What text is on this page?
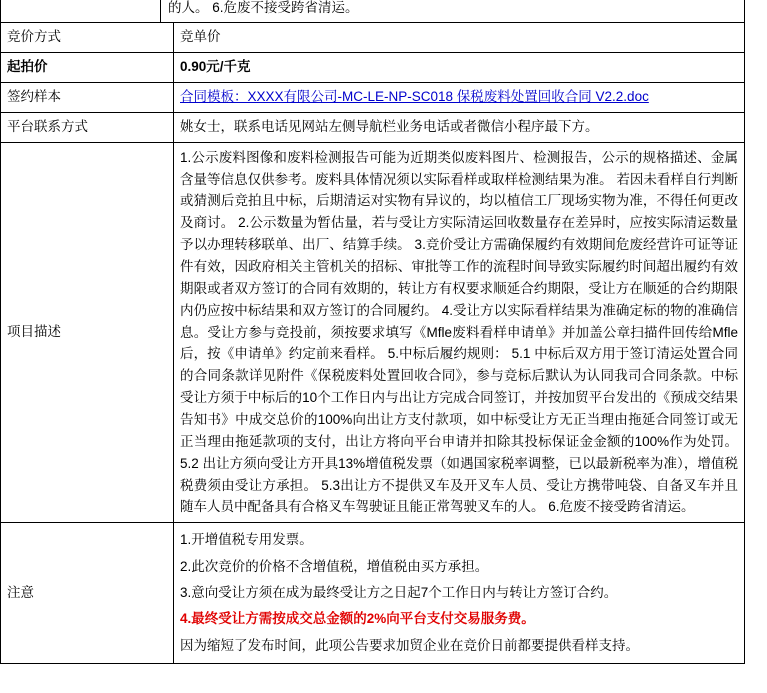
的人。 6.危废不接受跨省清运。
竞价方式	竞单价
起拍价	0.90元/千克
签约样本	合同模板：XXXX有限公司-MC-LE-NP-SC018 保税废料处置回收合同 V2.2.doc
平台联系方式	姚女士，联系电话见网站左侧导航栏业务电话或者微信小程序最下方。
项目描述	1.公示废料图像和废料检测报告可能为近期类似废料图片、检测报告，公示的规格描述、金属含量等信息仅供参考。废料具体情况须以实际看样或取样检测结果为准。 若因未看样自行判断或猜测后竞拍且中标，后期清运对实物有异议的，均以植信工厂现场实物为准，不得任何更改及商讨。 2.公示数量为暂估量，若与受让方实际清运回收数量存在差异时，应按实际清运数量予以办理转移联单、出厂、结算手续。 3.竞价受让方需确保履约有效期间危废经营许可证等证件有效，因政府相关主管机关的招标、审批等工作的流程时间导致实际履约时间超出履约有效期限或者双方签订的合同有效期的，转让方有权要求顺延合约期限，受让方在顺延的合约期限内仍应按中标结果和双方签订的合同履约。 4.受让方以实际看样结果为准确定标的物的准确信息。受让方参与竞投前，须按要求填写《Mfle废料看样申请单》并加盖公章扫描件回传给Mfle后，按《申请单》约定前来看样。 5.中标后履约规则： 5.1 中标后双方用于签订清运处置合同的合同条款详见附件《保税废料处置回收合同》，参与竞标后默认为认同我司合同条款。中标受让方须于中标后的10个工作日内与出让方完成合同签订，并按加贸平台发出的《预成交结果告知书》中成交总价的100%向出让方支付款项，如中标受让方无正当理由拖延合同签订或无正当理由拖延款项的支付，出让方将向平台申请并扣除其投标保证金金额的100%作为处罚。 5.2 出让方须向受让方开具13%增值税发票（如遇国家税率调整，已以最新税率为准），增值税税费须由受让方承担。 5.3出让方不提供叉车及开叉车人员、受让方携带吨袋、自备叉车并且随车人员中配备具有合格叉车驾驶证且能正常驾驶叉车的人。 6.危废不接受跨省清运。

注意	1.开增值税专用发票。
2.此次竞价的价格不含增值税，增值税由买方承担。
3.意向受让方须在成为最终受让方之日起7个工作日内与转让方签订合约。
4.最终受让方需按成交总金额的2%向平台支付交易服务费。
因为缩短了发布时间，此项公告要求加贸企业在竞价日前都要提供看样支持。
